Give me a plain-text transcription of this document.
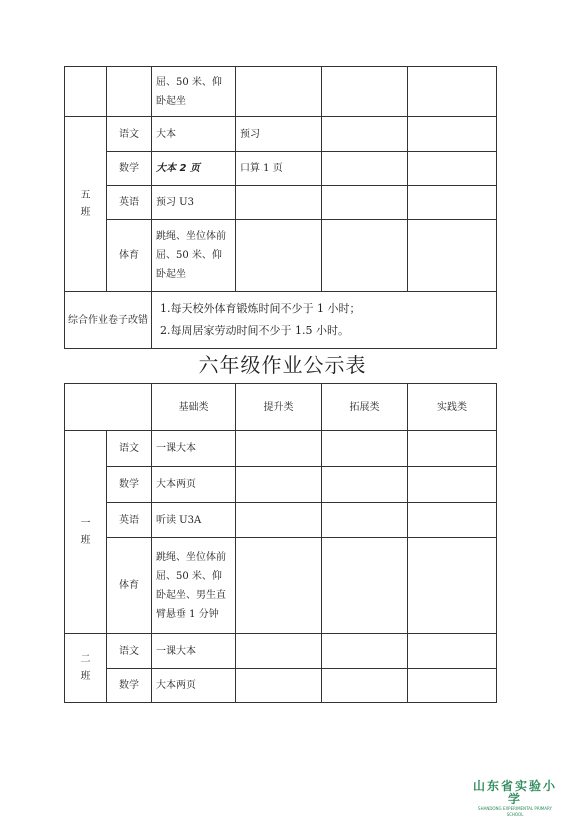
		屈、50 米、仰
卧起坐			

五
班	语文	大本	预习		
	数学	大本 2 页	口算 1 页		
	英语	预习 U3			
	体育	跳绳、坐位体前
屈、50 米、仰
卧起坐			

综合作业卷子改错		1.每天校外体育锻炼时间不少于 1 小时；
2.每周居家劳动时间不少于 1.5 小时。			
六年级作业公示表
		基础类	提升类	拓展类	实践类

一
班	语文	一课大本			
	数学	大本两页			
	英语	听读 U3A			
	体育	跳绳、坐位体前
屈、50 米、仰
卧起坐、男生直
臂悬垂 1 分钟			

二
班	语文	一课大本			
	数学	大本两页			
山东省实验小学
SHANDONG EXPERIMENTAL PRIMARY SCHOOL
